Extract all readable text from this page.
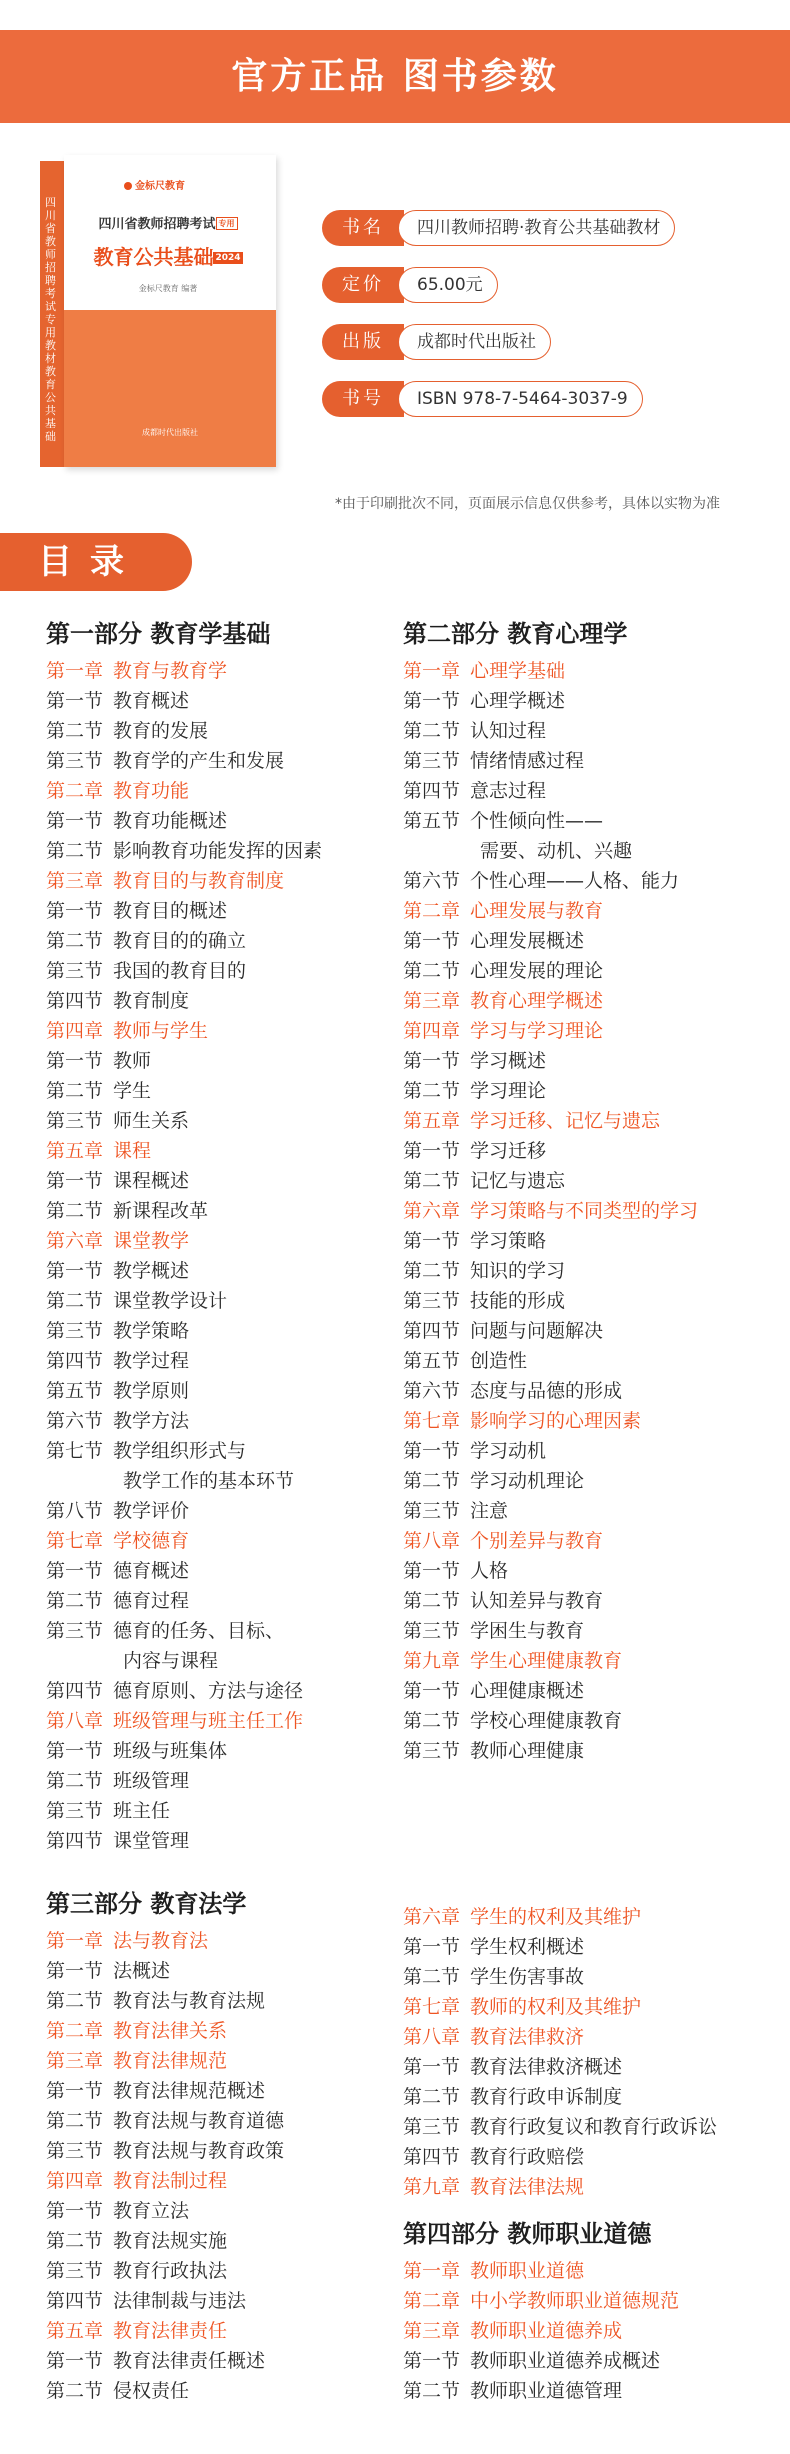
官方正品 图书参数
四川省教师招聘考试专用教材教育公共基础
金标尺教育
四川省教师招聘考试 专用
教育公共基础 2024
金标尺教育 编著
成都时代出版社
书名	四川教师招聘·教育公共基础教材
定价	65.00元
出版	成都时代出版社
书号	ISBN 978-7-5464-3037-9
*由于印刷批次不同，页面展示信息仅供参考，具体以实物为准
目录
第一部分 教育学基础
第一章 教育与教育学
第一节 教育概述
第二节 教育的发展
第三节 教育学的产生和发展
第二章 教育功能
第一节 教育功能概述
第二节 影响教育功能发挥的因素
第三章 教育目的与教育制度
第一节 教育目的概述
第二节 教育目的的确立
第三节 我国的教育目的
第四节 教育制度
第四章 教师与学生
第一节 教师
第二节 学生
第三节 师生关系
第五章 课程
第一节 课程概述
第二节 新课程改革
第六章 课堂教学
第一节 教学概述
第二节 课堂教学设计
第三节 教学策略
第四节 教学过程
第五节 教学原则
第六节 教学方法
第七节 教学组织形式与
教学工作的基本环节
第八节 教学评价
第七章 学校德育
第一节 德育概述
第二节 德育过程
第三节 德育的任务、目标、
内容与课程
第四节 德育原则、方法与途径
第八章 班级管理与班主任工作
第一节 班级与班集体
第二节 班级管理
第三节 班主任
第四节 课堂管理
第二部分 教育心理学
第一章 心理学基础
第一节 心理学概述
第二节 认知过程
第三节 情绪情感过程
第四节 意志过程
第五节 个性倾向性——
需要、动机、兴趣
第六节 个性心理——人格、能力
第二章 心理发展与教育
第一节 心理发展概述
第二节 心理发展的理论
第三章 教育心理学概述
第四章 学习与学习理论
第一节 学习概述
第二节 学习理论
第五章 学习迁移、记忆与遗忘
第一节 学习迁移
第二节 记忆与遗忘
第六章 学习策略与不同类型的学习
第一节 学习策略
第二节 知识的学习
第三节 技能的形成
第四节 问题与问题解决
第五节 创造性
第六节 态度与品德的形成
第七章 影响学习的心理因素
第一节 学习动机
第二节 学习动机理论
第三节 注意
第八章 个别差异与教育
第一节 人格
第二节 认知差异与教育
第三节 学困生与教育
第九章 学生心理健康教育
第一节 心理健康概述
第二节 学校心理健康教育
第三节 教师心理健康
第三部分 教育法学
第一章 法与教育法
第一节 法概述
第二节 教育法与教育法规
第二章 教育法律关系
第三章 教育法律规范
第一节 教育法律规范概述
第二节 教育法规与教育道德
第三节 教育法规与教育政策
第四章 教育法制过程
第一节 教育立法
第二节 教育法规实施
第三节 教育行政执法
第四节 法律制裁与违法
第五章 教育法律责任
第一节 教育法律责任概述
第二节 侵权责任
第六章 学生的权利及其维护
第一节 学生权利概述
第二节 学生伤害事故
第七章 教师的权利及其维护
第八章 教育法律救济
第一节 教育法律救济概述
第二节 教育行政申诉制度
第三节 教育行政复议和教育行政诉讼
第四节 教育行政赔偿
第九章 教育法律法规
第四部分 教师职业道德
第一章 教师职业道德
第二章 中小学教师职业道德规范
第三章 教师职业道德养成
第一节 教师职业道德养成概述
第二节 教师职业道德管理
